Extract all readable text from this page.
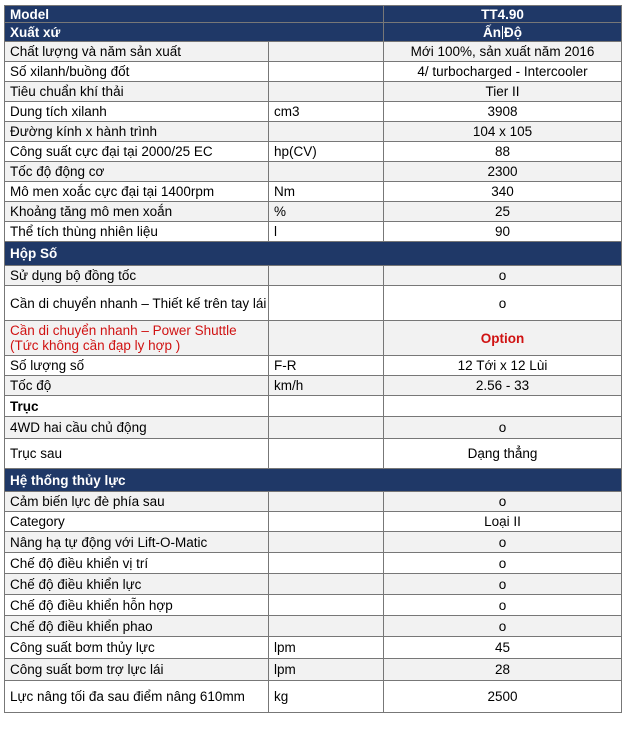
Model		TT4.90
Xuất xứ		Ấn Độ
Chất lượng và năm sản xuất		Mới 100%, sản xuất năm 2016
Số xilanh/buồng đốt		4/ turbocharged - Intercooler
Tiêu chuẩn khí thải		Tier II
Dung tích xilanh	cm3	3908
Đường kính x hành trình		104 x 105
Công suất cực đại tại 2000/25 EC	hp(CV)	88
Tốc độ động cơ		2300
Mô men xoắc cực đại tại 1400rpm	Nm	340
Khoảng tăng mô men xoắn	%	25
Thể tích thùng nhiên liệu	l	90
Hộp Số		
Sử dụng bộ đồng tốc		o
Cần di chuyển nhanh – Thiết kế trên tay lái		o
Cần di chuyển nhanh – Power Shuttle (Tức không cần đạp ly hợp )		Option
Số lượng số	F-R	12 Tới x 12 Lùi
Tốc độ	km/h	2.56 - 33
Trục		
4WD hai cầu chủ động		o
Trục sau		Dạng thẳng
Hệ thống thủy lực		
Cảm biến lực đè phía sau		o
Category		Loại II
Nâng hạ tự động với Lift-O-Matic		o
Chế độ điều khiển vị trí		o
Chế độ điều khiển lực		o
Chế độ điều khiển hỗn hợp		o
Chế độ điều khiển phao		o
Công suất bơm thủy lực	lpm	45
Công suất bơm trợ lực lái	lpm	28
Lực nâng tối đa sau điểm nâng 610mm	kg	2500
